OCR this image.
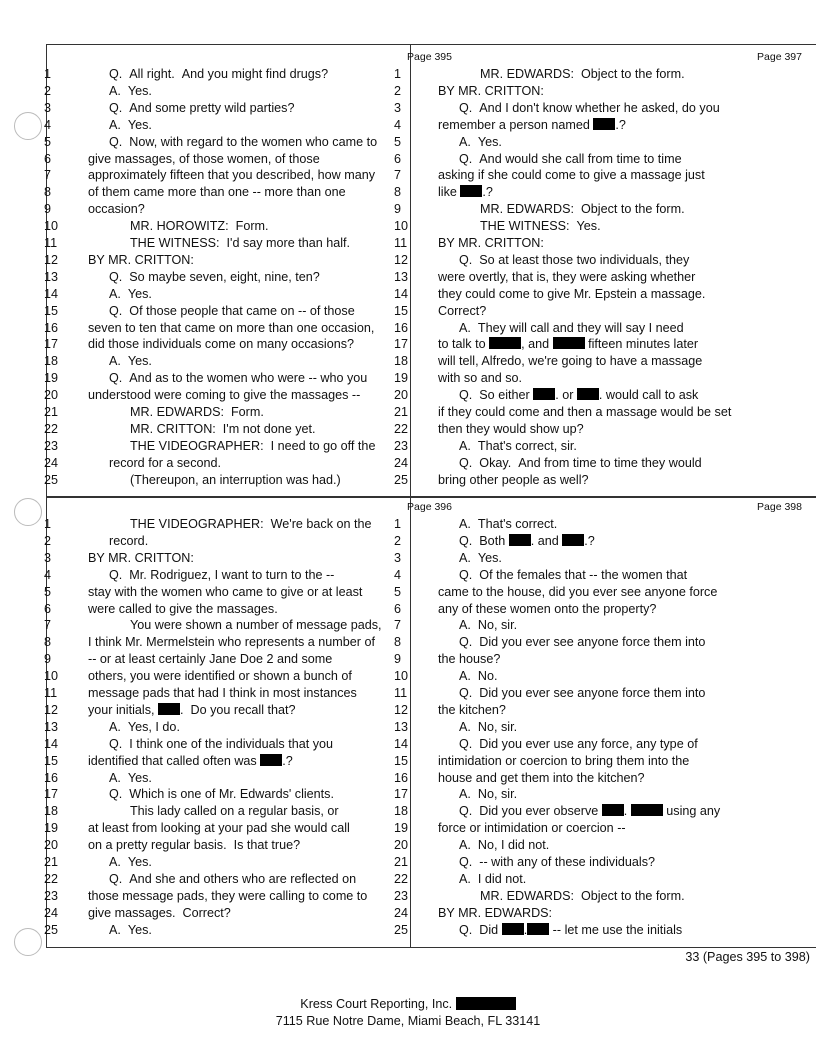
Page 395
1	Q.  All right.  And you might find drugs?
2	A.  Yes.
3	Q.  And some pretty wild parties?
4	A.  Yes.
5	Q.  Now, with regard to the women who came to
6	give massages, of those women, of those
7	approximately fifteen that you described, how many
8	of them came more than one -- more than one
9	occasion?
10	MR. HOROWITZ:  Form.
11	THE WITNESS:  I'd say more than half.
12	BY MR. CRITTON:
13	Q.  So maybe seven, eight, nine, ten?
14	A.  Yes.
15	Q.  Of those people that came on -- of those
16	seven to ten that came on more than one occasion,
17	did those individuals come on many occasions?
18	A.  Yes.
19	Q.  And as to the women who were -- who you
20	understood were coming to give the massages --
21	MR. EDWARDS:  Form.
22	MR. CRITTON:  I'm not done yet.
23	THE VIDEOGRAPHER:  I need to go off the
24	record for a second.
25	(Thereupon, an interruption was had.)
Page 397
1	MR. EDWARDS:  Object to the form.
2	BY MR. CRITTON:
3	Q.  And I don't know whether he asked, do you
4	remember a person named .?
5	A.  Yes.
6	Q.  And would she call from time to time
7	asking if she could come to give a massage just
8	like .?
9	MR. EDWARDS:  Object to the form.
10	THE WITNESS:  Yes.
11	BY MR. CRITTON:
12	Q.  So at least those two individuals, they
13	were overtly, that is, they were asking whether
14	they could come to give Mr. Epstein a massage.
15	Correct?
16	A.  They will call and they will say I need
17	to talk to	, and	fifteen minutes later
18	will tell, Alfredo, we're going to have a massage
19	with so and so.
20	Q.  So either . or . would call to ask
21	if they could come and then a massage would be set
22	then they would show up?
23	A.  That's correct, sir.
24	Q.  Okay.  And from time to time they would
25	bring other people as well?
Page 396
1	THE VIDEOGRAPHER:  We're back on the
2	record.
3	BY MR. CRITTON:
4	Q.  Mr. Rodriguez, I want to turn to the --
5	stay with the women who came to give or at least
6	were called to give the massages.
7	You were shown a number of message pads,
8	I think Mr. Mermelstein who represents a number of
9	-- or at least certainly Jane Doe 2 and some
10	others, you were identified or shown a bunch of
11	message pads that had I think in most instances
12	your initials, .  Do you recall that?
13	A.  Yes, I do.
14	Q.  I think one of the individuals that you
15	identified that called often was .?
16	A.  Yes.
17	Q.  Which is one of Mr. Edwards' clients.
18	This lady called on a regular basis, or
19	at least from looking at your pad she would call
20	on a pretty regular basis.  Is that true?
21	A.  Yes.
22	Q.  And she and others who are reflected on
23	those message pads, they were calling to come to
24	give massages.  Correct?
25	A.  Yes.
Page 398
1	A.  That's correct.
2	Q.  Both . and .?
3	A.  Yes.
4	Q.  Of the females that -- the women that
5	came to the house, did you ever see anyone force
6	any of these women onto the property?
7	A.  No, sir.
8	Q.  Did you ever see anyone force them into
9	the house?
10	A.  No.
11	Q.  Did you ever see anyone force them into
12	the kitchen?
13	A.  No, sir.
14	Q.  Did you ever use any force, any type of
15	intimidation or coercion to bring them into the
16	house and get them into the kitchen?
17	A.  No, sir.
18	Q.  Did you ever observe .	using any
19	force or intimidation or coercion --
20	A.  No, I did not.
21	Q.  -- with any of these individuals?
22	A.  I did not.
23	MR. EDWARDS:  Object to the form.
24	BY MR. EDWARDS:
25	Q.  Did . -- let me use the initials
33 (Pages 395 to 398)
Kress Court Reporting, Inc.
7115 Rue Notre Dame, Miami Beach, FL 33141
